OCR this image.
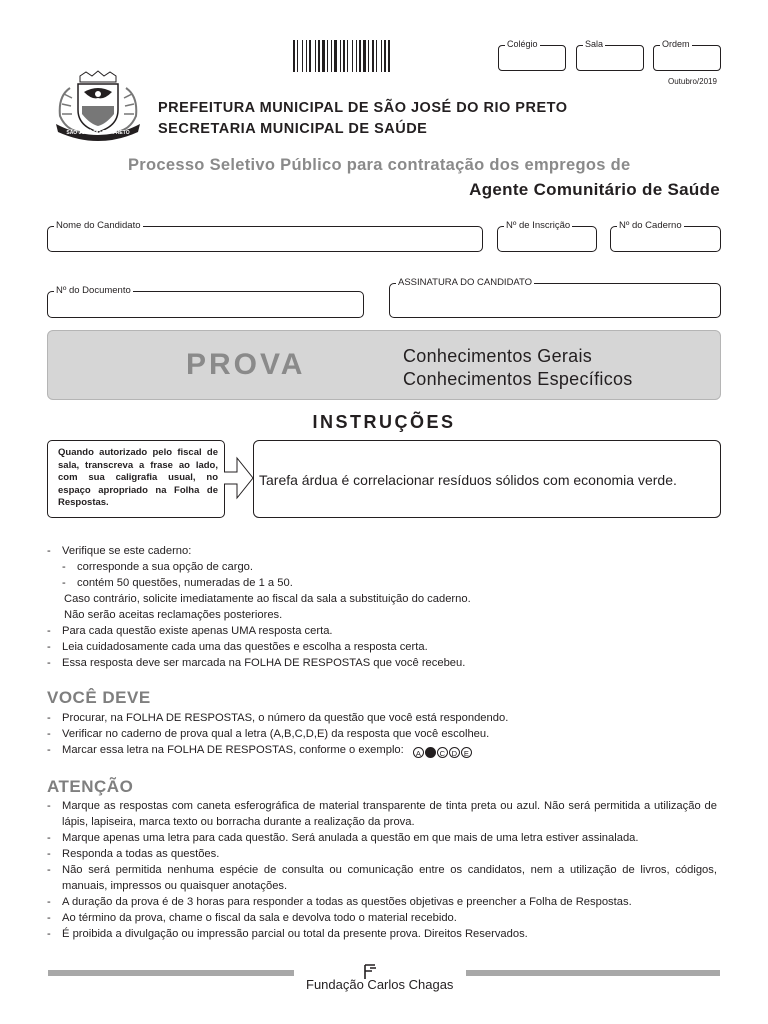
Colégio	Sala	Ordem
Outubro/2019
SÃO JOSÉ DO RIO PRETO
PREFEITURA MUNICIPAL DE SÃO JOSÉ DO RIO PRETO
SECRETARIA MUNICIPAL DE SAÚDE
Processo Seletivo Público para contratação dos empregos de
Agente Comunitário de Saúde
Nome do Candidato	Nº de Inscrição	Nº do Caderno
Nº do Documento
ASSINATURA DO CANDIDATO
PROVA	Conhecimentos Gerais
Conhecimentos Específicos
INSTRUÇÕES
Quando autorizado pelo fiscal de sala, transcreva a frase ao lado, com sua caligrafia usual, no espaço apropriado na Folha de Respostas.
Tarefa árdua é correlacionar resíduos sólidos com economia verde.
- Verifique se este caderno:
- corresponde a sua opção de cargo.
- contém 50 questões, numeradas de 1 a 50.
Caso contrário, solicite imediatamente ao fiscal da sala a substituição do caderno.
Não serão aceitas reclamações posteriores.
- Para cada questão existe apenas UMA resposta certa.
- Leia cuidadosamente cada uma das questões e escolha a resposta certa.
- Essa resposta deve ser marcada na FOLHA DE RESPOSTAS que você recebeu.
VOCÊ DEVE
- Procurar, na FOLHA DE RESPOSTAS, o número da questão que você está respondendo.
- Verificar no caderno de prova qual a letra (A,B,C,D,E) da resposta que você escolheu.
- Marcar essa letra na FOLHA DE RESPOSTAS, conforme o exemplo: A B C D E
ATENÇÃO
-	Marque as respostas com caneta esferográfica de material transparente de tinta preta ou azul. Não será permitida a utilização de lápis, lapiseira, marca texto ou borracha durante a realização da prova.
- Marque apenas uma letra para cada questão. Será anulada a questão em que mais de uma letra estiver assinalada.
- Responda a todas as questões.
-	Não será permitida nenhuma espécie de consulta ou comunicação entre os candidatos, nem a utilização de livros, códigos, manuais, impressos ou quaisquer anotações.
- A duração da prova é de 3 horas para responder a todas as questões objetivas e preencher a Folha de Respostas.
- Ao término da prova, chame o fiscal da sala e devolva todo o material recebido.
- É proibida a divulgação ou impressão parcial ou total da presente prova. Direitos Reservados.
Fundação Carlos Chagas
